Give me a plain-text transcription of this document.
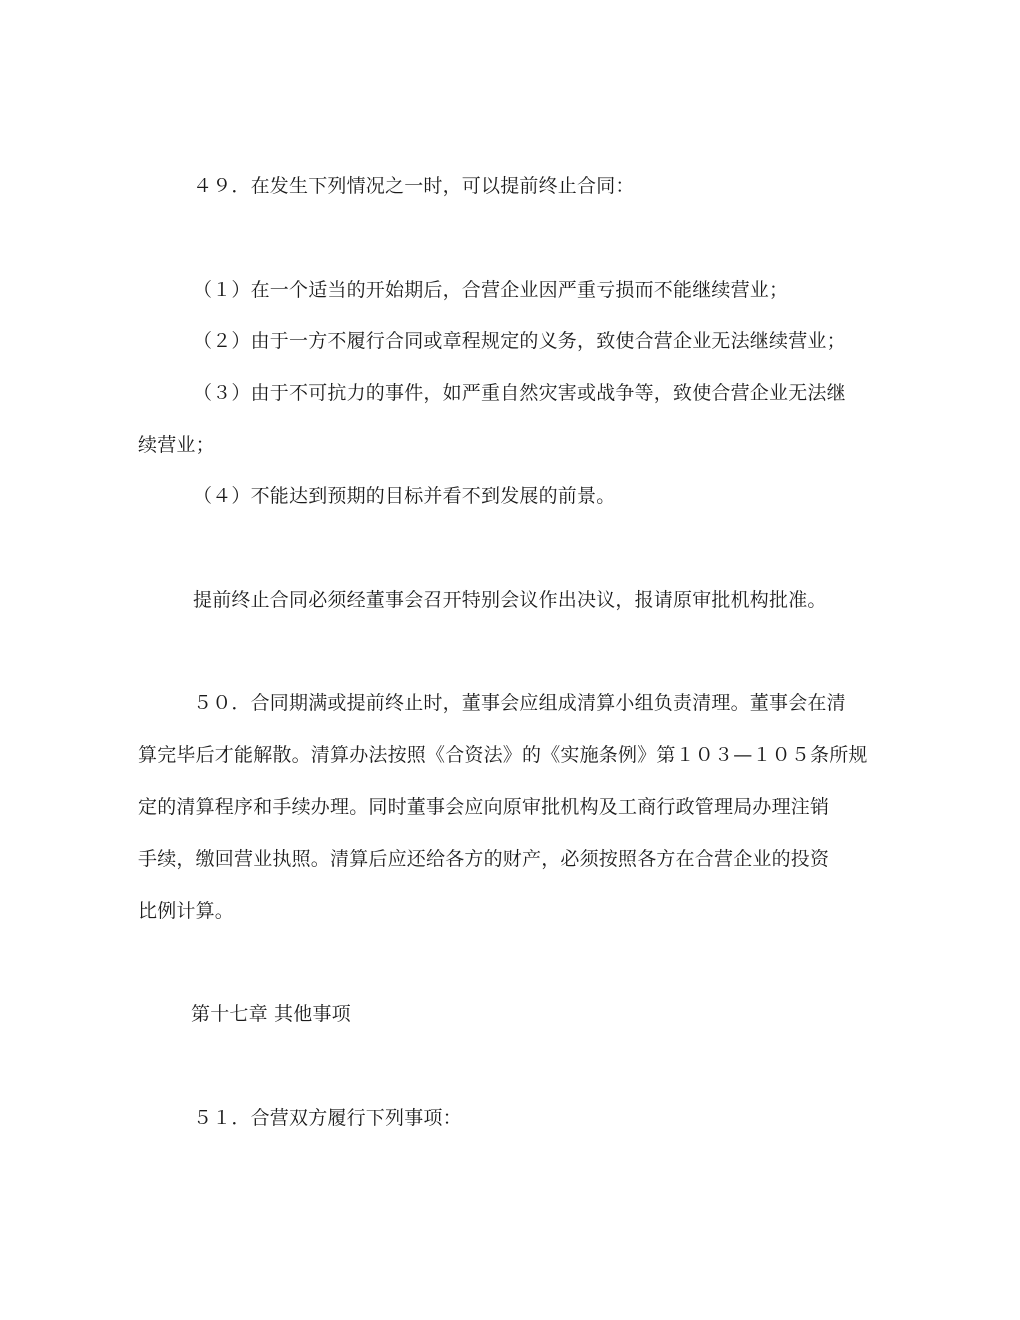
４９．在发生下列情况之一时，可以提前终止合同：
（１）在一个适当的开始期后，合营企业因严重亏损而不能继续营业；
（２）由于一方不履行合同或章程规定的义务，致使合营企业无法继续营业；
（３）由于不可抗力的事件，如严重自然灾害或战争等，致使合营企业无法继
续营业；
（４）不能达到预期的目标并看不到发展的前景。
提前终止合同必须经董事会召开特别会议作出决议，报请原审批机构批准。
５０．合同期满或提前终止时，董事会应组成清算小组负责清理。董事会在清
算完毕后才能解散。清算办法按照《合资法》的《实施条例》第１０３—１０５条所规
定的清算程序和手续办理。同时董事会应向原审批机构及工商行政管理局办理注销
手续，缴回营业执照。清算后应还给各方的财产，必须按照各方在合营企业的投资
比例计算。
第十七章 其他事项
５１．合营双方履行下列事项：
